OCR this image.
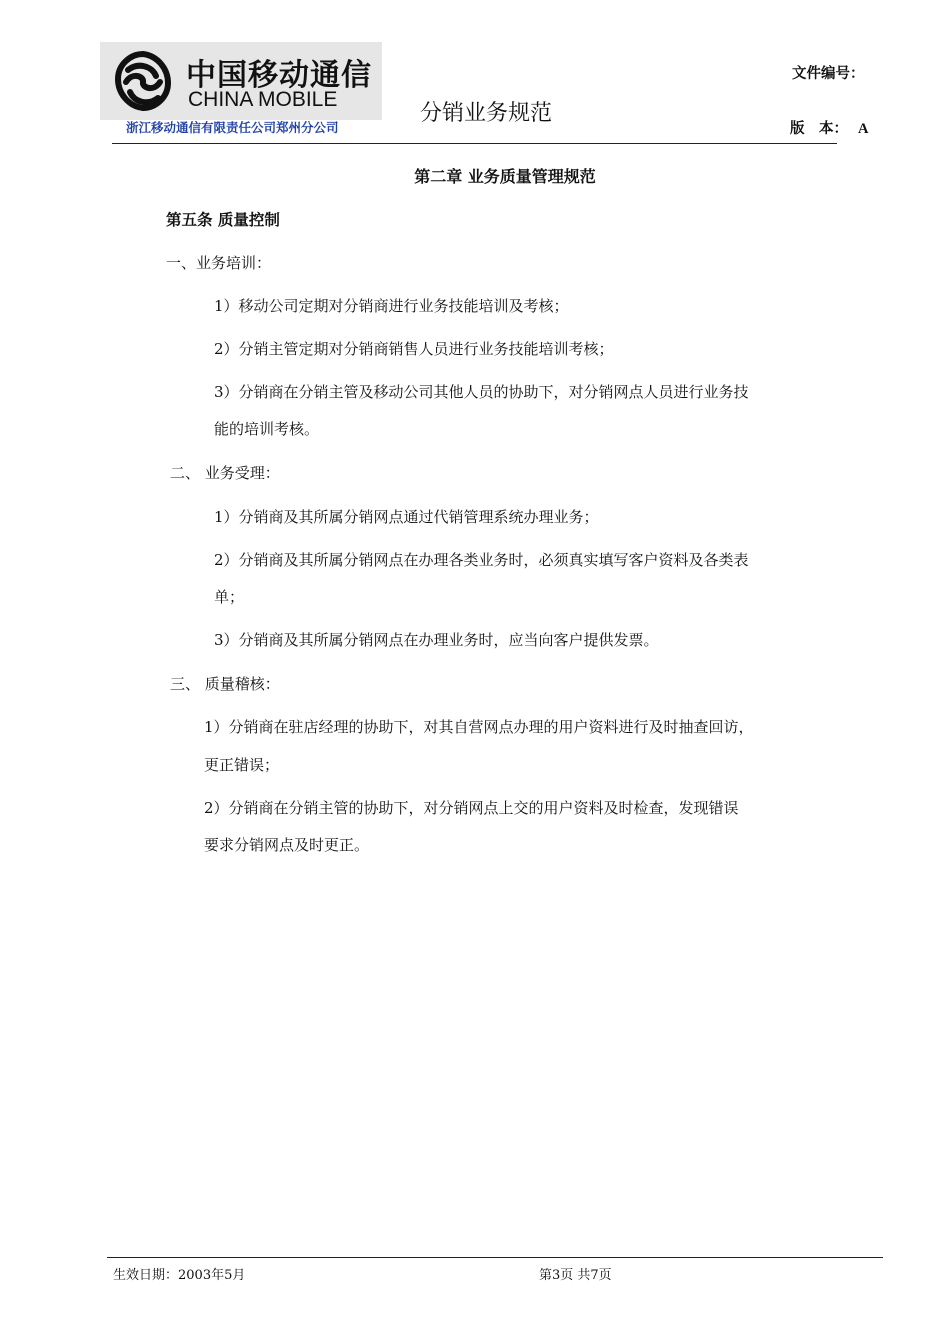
中国移动通信
CHINA MOBILE
浙江移动通信有限责任公司郑州分公司
分销业务规范
文件编号：
版　本： A
第二章 业务质量管理规范
第五条 质量控制
一、业务培训：
1）移动公司定期对分销商进行业务技能培训及考核；
2）分销主管定期对分销商销售人员进行业务技能培训考核；
3）分销商在分销主管及移动公司其他人员的协助下，对分销网点人员进行业务技
能的培训考核。
二、 业务受理：
1）分销商及其所属分销网点通过代销管理系统办理业务；
2）分销商及其所属分销网点在办理各类业务时，必须真实填写客户资料及各类表
单；
3）分销商及其所属分销网点在办理业务时，应当向客户提供发票。
三、 质量稽核：
1）分销商在驻店经理的协助下，对其自营网点办理的用户资料进行及时抽查回访，
更正错误；
2）分销商在分销主管的协助下，对分销网点上交的用户资料及时检查，发现错误
要求分销网点及时更正。
生效日期：2003年5月	第3页 共7页
